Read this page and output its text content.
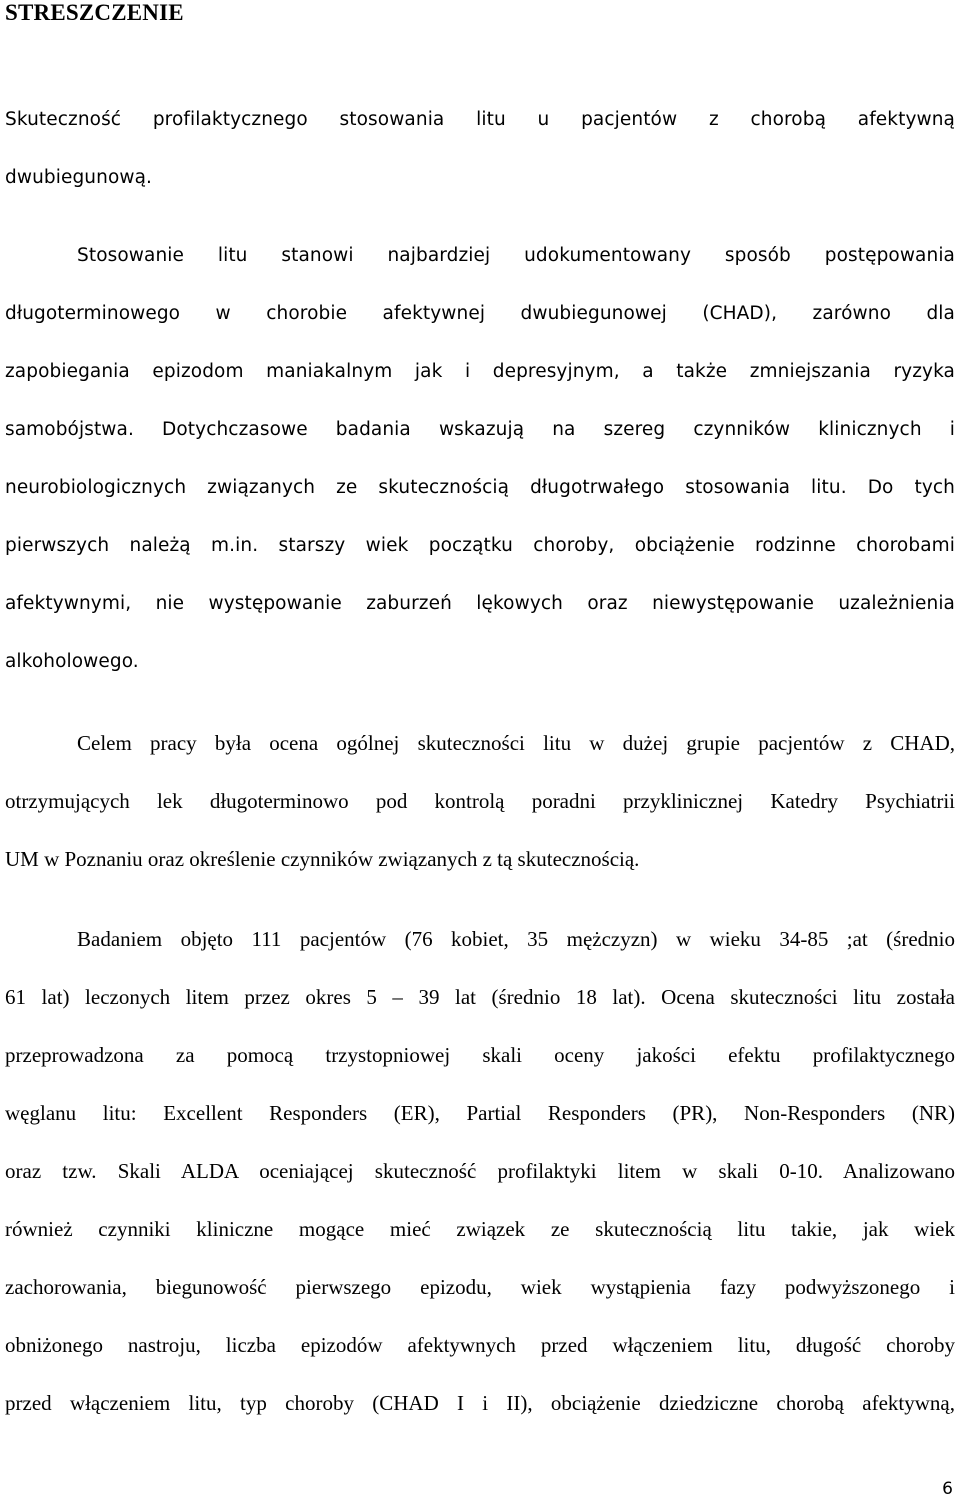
STRESZCZENIE
Skuteczność profilaktycznego stosowania litu u pacjentów z chorobą afektywną
dwubiegunową.
Stosowanie litu stanowi najbardziej udokumentowany sposób postępowania
długoterminowego w chorobie afektywnej dwubiegunowej (CHAD), zarówno dla
zapobiegania epizodom maniakalnym jak i depresyjnym, a także zmniejszania ryzyka
samobójstwa. Dotychczasowe badania wskazują na szereg czynników klinicznych i
neurobiologicznych związanych ze skutecznością długotrwałego stosowania litu. Do tych
pierwszych należą m.in. starszy wiek początku choroby, obciążenie rodzinne chorobami
afektywnymi, nie występowanie zaburzeń lękowych oraz niewystępowanie uzależnienia
alkoholowego.
Celem pracy była ocena ogólnej skuteczności litu w dużej grupie pacjentów z CHAD,
otrzymujących lek długoterminowo pod kontrolą poradni przyklinicznej Katedry Psychiatrii
UM w Poznaniu oraz określenie czynników związanych z tą skutecznością.
Badaniem objęto 111 pacjentów (76 kobiet, 35 mężczyzn) w wieku 34-85 ;at (średnio
61 lat) leczonych litem przez okres 5 – 39 lat (średnio 18 lat). Ocena skuteczności litu została
przeprowadzona za pomocą trzystopniowej skali oceny jakości efektu profilaktycznego
węglanu litu: Excellent Responders (ER), Partial Responders (PR), Non-Responders (NR)
oraz tzw. Skali ALDA oceniającej skuteczność profilaktyki litem w skali 0-10. Analizowano
również czynniki kliniczne mogące mieć związek ze skutecznością litu takie, jak wiek
zachorowania, biegunowość pierwszego epizodu, wiek wystąpienia fazy podwyższonego i
obniżonego nastroju, liczba epizodów afektywnych przed włączeniem litu, długość choroby
przed włączeniem litu, typ choroby (CHAD I i II), obciążenie dziedziczne chorobą afektywną,

6
